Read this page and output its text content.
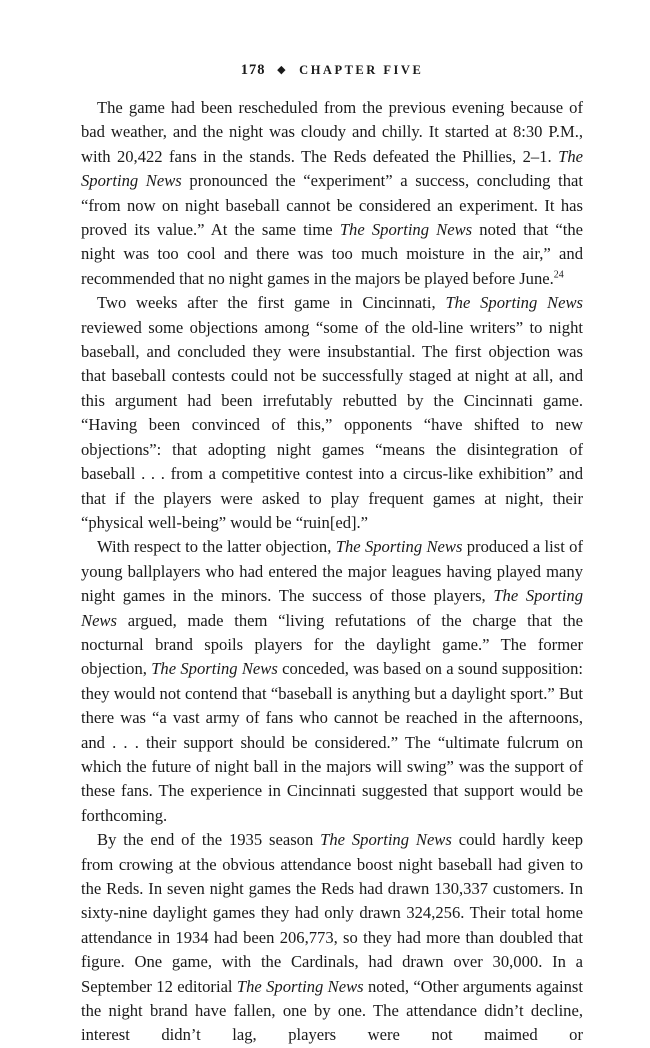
178 ◆ CHAPTER FIVE

The game had been rescheduled from the previous evening because of bad weather, and the night was cloudy and chilly. It started at 8:30 P.M., with 20,422 fans in the stands. The Reds defeated the Phillies, 2–1. The Sporting News pronounced the “experiment” a success, concluding that “from now on night baseball cannot be considered an experiment. It has proved its value.” At the same time The Sporting News noted that “the night was too cool and there was too much moisture in the air,” and recommended that no night games in the majors be played before June.$^{24}$

Two weeks after the first game in Cincinnati, The Sporting News reviewed some objections among “some of the old-line writers” to night baseball, and concluded they were insubstantial. The first objection was that baseball contests could not be successfully staged at night at all, and this argument had been irrefutably rebutted by the Cincinnati game. “Having been convinced of this,” opponents “have shifted to new objections”: that adopting night games “means the disintegration of baseball . . . from a competitive contest into a circus-like exhibition” and that if the players were asked to play frequent games at night, their “physical well-being” would be “ruin[ed].”

With respect to the latter objection, The Sporting News produced a list of young ballplayers who had entered the major leagues having played many night games in the minors. The success of those players, The Sporting News argued, made them “living refutations of the charge that the nocturnal brand spoils players for the daylight game.” The former objection, The Sporting News conceded, was based on a sound supposition: they would not contend that “baseball is anything but a daylight sport.” But there was “a vast army of fans who cannot be reached in the afternoons, and . . . their support should be considered.” The “ultimate fulcrum on which the future of night ball in the majors will swing” was the support of these fans. The experience in Cincinnati suggested that support would be forthcoming.

By the end of the 1935 season The Sporting News could hardly keep from crowing at the obvious attendance boost night baseball had given to the Reds. In seven night games the Reds had drawn 130,337 customers. In sixty-nine daylight games they had only drawn 324,256. Their total home attendance in 1934 had been 206,773, so they had more than doubled that figure. One game, with the Cardinals, had drawn over 30,000. In a September 12 editorial The Sporting News noted, “Other arguments against the night brand have fallen, one by one. The attendance didn’t decline, interest didn’t lag, players were not maimed or
